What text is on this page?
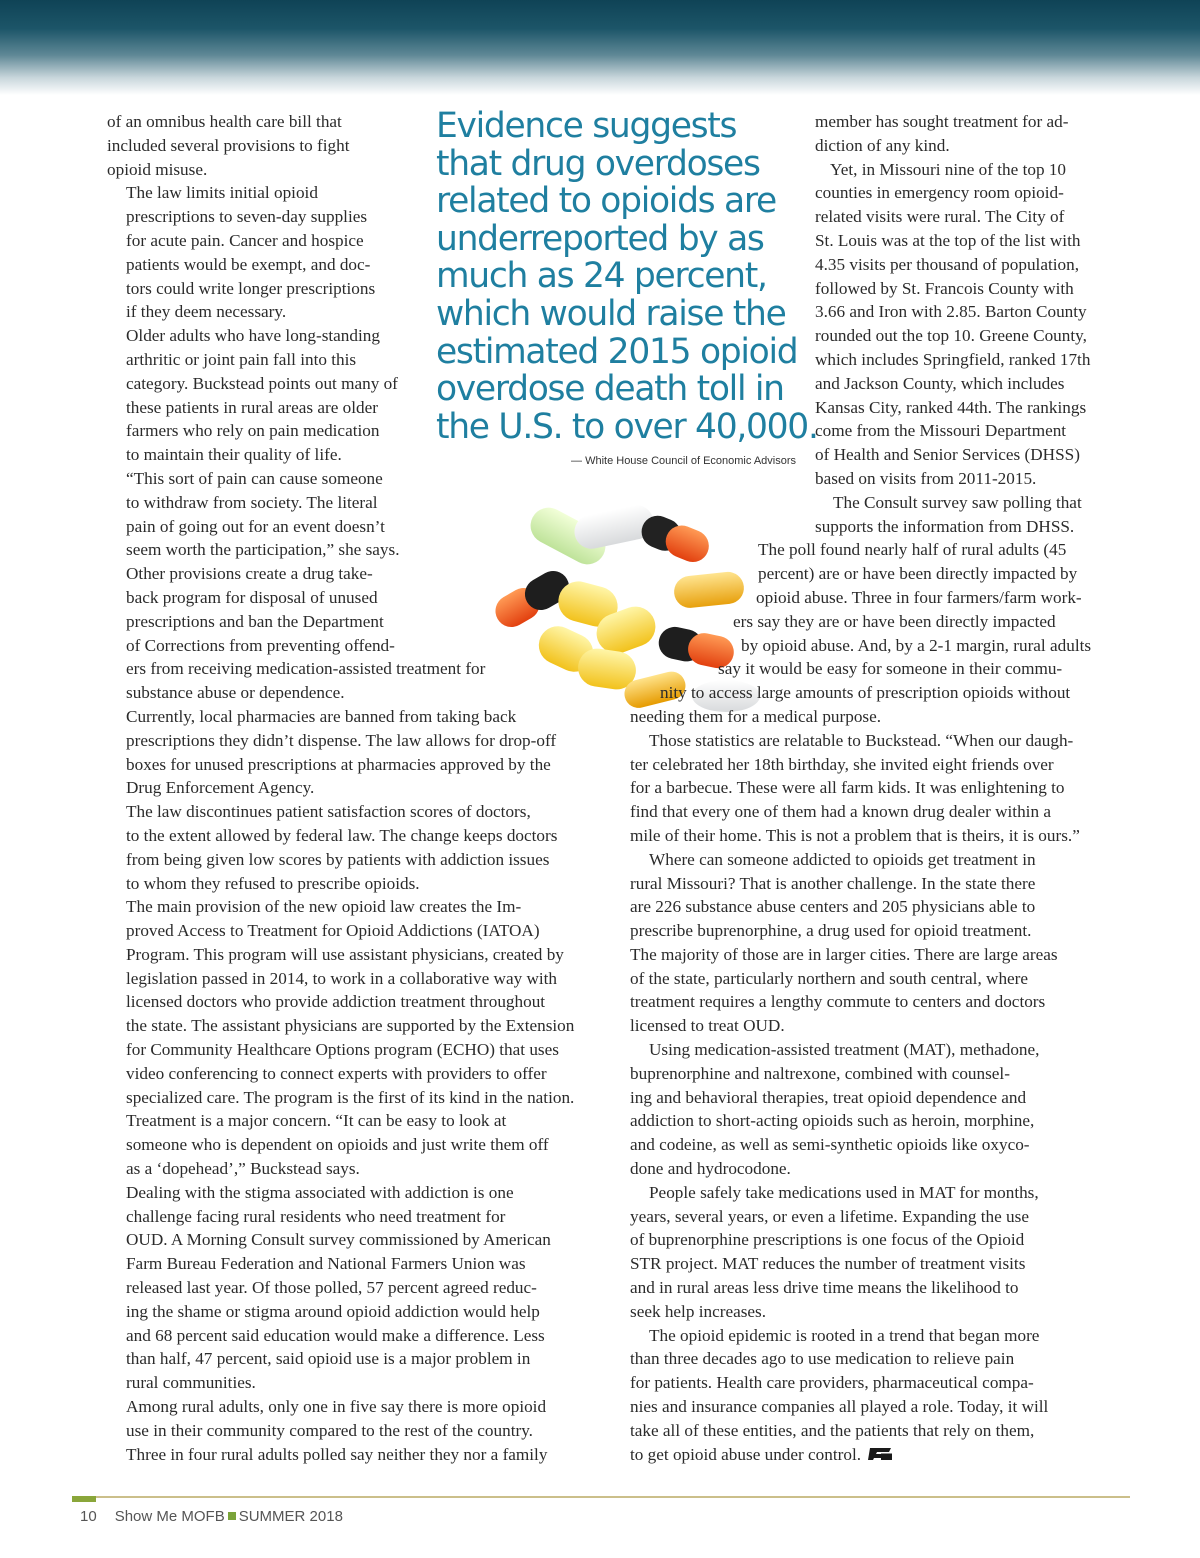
of an omnibus health care bill that
included several provisions to fight
opioid misuse.

The law limits initial opioid
prescriptions to seven-day supplies
for acute pain. Cancer and hospice
patients would be exempt, and doc-
tors could write longer prescriptions
if they deem necessary.

Older adults who have long-standing
arthritic or joint pain fall into this
category. Buckstead points out many of
these patients in rural areas are older
farmers who rely on pain medication
to maintain their quality of life.

“This sort of pain can cause someone
to withdraw from society. The literal
pain of going out for an event doesn’t
seem worth the participation,” she says.

Other provisions create a drug take-
back program for disposal of unused
prescriptions and ban the Department
of Corrections from preventing offend-
ers from receiving medication-assisted treatment for
substance abuse or dependence.

Currently, local pharmacies are banned from taking back
prescriptions they didn’t dispense. The law allows for drop-off
boxes for unused prescriptions at pharmacies approved by the
Drug Enforcement Agency.

The law discontinues patient satisfaction scores of doctors,
to the extent allowed by federal law. The change keeps doctors
from being given low scores by patients with addiction issues
to whom they refused to prescribe opioids.

The main provision of the new opioid law creates the Im-
proved Access to Treatment for Opioid Addictions (IATOA)
Program. This program will use assistant physicians, created by
legislation passed in 2014, to work in a collaborative way with
licensed doctors who provide addiction treatment throughout
the state. The assistant physicians are supported by the Extension
for Community Healthcare Options program (ECHO) that uses
video conferencing to connect experts with providers to offer
specialized care. The program is the first of its kind in the nation.

Treatment is a major concern. “It can be easy to look at
someone who is dependent on opioids and just write them off
as a ‘dopehead’,” Buckstead says.

Dealing with the stigma associated with addiction is one
challenge facing rural residents who need treatment for
OUD. A Morning Consult survey commissioned by American
Farm Bureau Federation and National Farmers Union was
released last year. Of those polled, 57 percent agreed reduc-
ing the shame or stigma around opioid addiction would help
and 68 percent said education would make a difference. Less
than half, 47 percent, said opioid use is a major problem in
rural communities.

Among rural adults, only one in five say there is more opioid
use in their community compared to the rest of the country.
Three in four rural adults polled say neither they nor a family

Evidence suggests
that drug overdoses
related to opioids are
underreported by as
much as 24 percent,
which would raise the
estimated 2015 opioid
overdose death toll in
the U.S. to over 40,000.
— White House Council of Economic Advisors

member has sought treatment for ad-
diction of any kind.

Yet, in Missouri nine of the top 10
counties in emergency room opioid-
related visits were rural. The City of
St. Louis was at the top of the list with
4.35 visits per thousand of population,
followed by St. Francois County with
3.66 and Iron with 2.85. Barton County
rounded out the top 10. Greene County,
which includes Springfield, ranked 17th
and Jackson County, which includes
Kansas City, ranked 44th. The rankings
come from the Missouri Department
of Health and Senior Services (DHSS)
based on visits from 2011-2015.

The Consult survey saw polling that
supports the information from DHSS.
The poll found nearly half of rural adults (45
percent) are or have been directly impacted by
opioid abuse. Three in four farmers/farm work-
ers say they are or have been directly impacted
by opioid abuse. And, by a 2-1 margin, rural adults
say it would be easy for someone in their commu-
nity to access large amounts of prescription opioids without
needing them for a medical purpose.

Those statistics are relatable to Buckstead. “When our daugh-
ter celebrated her 18th birthday, she invited eight friends over
for a barbecue. These were all farm kids. It was enlightening to
find that every one of them had a known drug dealer within a
mile of their home. This is not a problem that is theirs, it is ours.”

Where can someone addicted to opioids get treatment in
rural Missouri? That is another challenge. In the state there
are 226 substance abuse centers and 205 physicians able to
prescribe buprenorphine, a drug used for opioid treatment.
The majority of those are in larger cities. There are large areas
of the state, particularly northern and south central, where
treatment requires a lengthy commute to centers and doctors
licensed to treat OUD.

Using medication-assisted treatment (MAT), methadone,
buprenorphine and naltrexone, combined with counsel-
ing and behavioral therapies, treat opioid dependence and
addiction to short-acting opioids such as heroin, morphine,
and codeine, as well as semi-synthetic opioids like oxyco-
done and hydrocodone.

People safely take medications used in MAT for months,
years, several years, or even a lifetime. Expanding the use
of buprenorphine prescriptions is one focus of the Opioid
STR project. MAT reduces the number of treatment visits
and in rural areas less drive time means the likelihood to
seek help increases.

The opioid epidemic is rooted in a trend that began more
than three decades ago to use medication to relieve pain
for patients. Health care providers, pharmaceutical compa-
nies and insurance companies all played a role. Today, it will
take all of these entities, and the patients that rely on them,
to get opioid abuse under control.

10 Show Me MOFB SUMMER 2018
